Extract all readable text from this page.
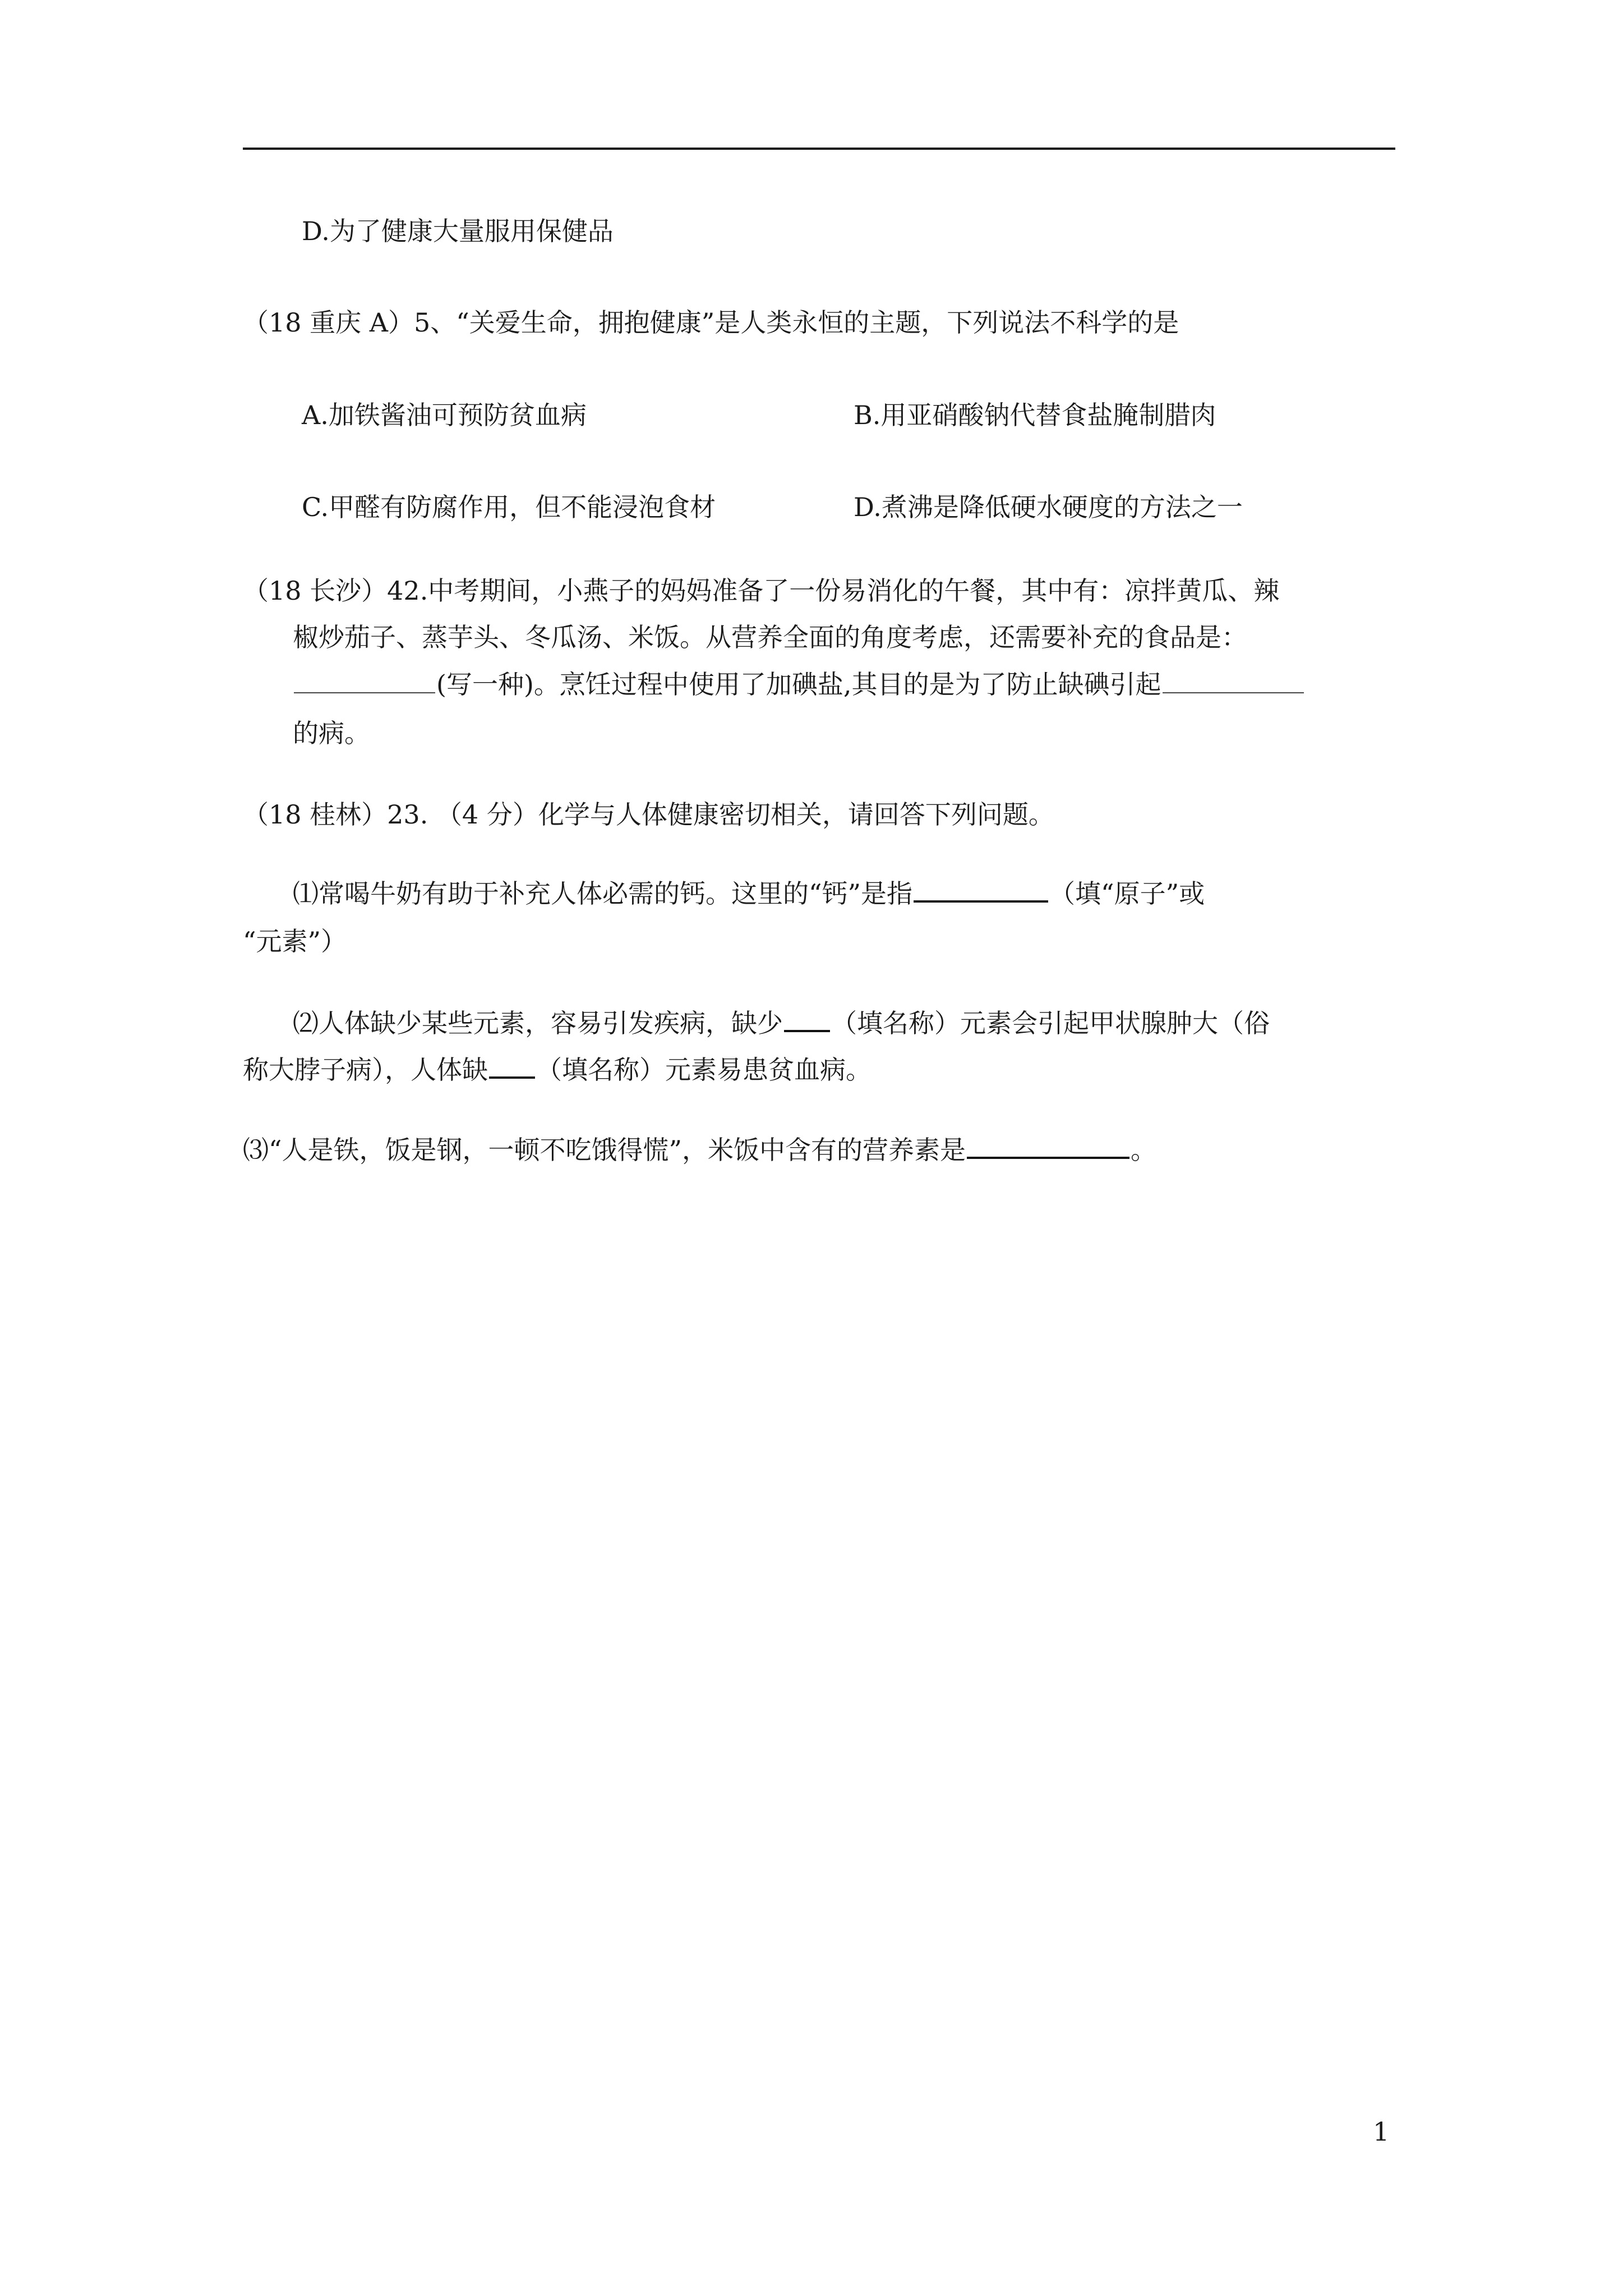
D.为了健康大量服用保健品
（18 重庆 A）5、“关爱生命，拥抱健康”是人类永恒的主题，下列说法不科学的是
A.加铁酱油可预防贫血病	B.用亚硝酸钠代替食盐腌制腊肉
C.甲醛有防腐作用，但不能浸泡食材	D.煮沸是降低硬水硬度的方法之一
（18 长沙）42.中考期间，小燕子的妈妈准备了一份易消化的午餐，其中有：凉拌黄瓜、辣
椒炒茄子、蒸芋头、冬瓜汤、米饭。从营养全面的角度考虑，还需要补充的食品是：
(写一种)。烹饪过程中使用了加碘盐,其目的是为了防止缺碘引起
的病。
（18 桂林）23. （4 分）化学与人体健康密切相关，请回答下列问题。
⑴常喝牛奶有助于补充人体必需的钙。这里的“钙”是指	（填“原子”或
“元素”）
⑵人体缺少某些元素，容易引发疾病，缺少 （填名称）元素会引起甲状腺肿大（俗
称大脖子病），人体缺 （填名称）元素易患贫血病。
⑶“人是铁，饭是钢，一顿不吃饿得慌”，米饭中含有的营养素是	。
1
